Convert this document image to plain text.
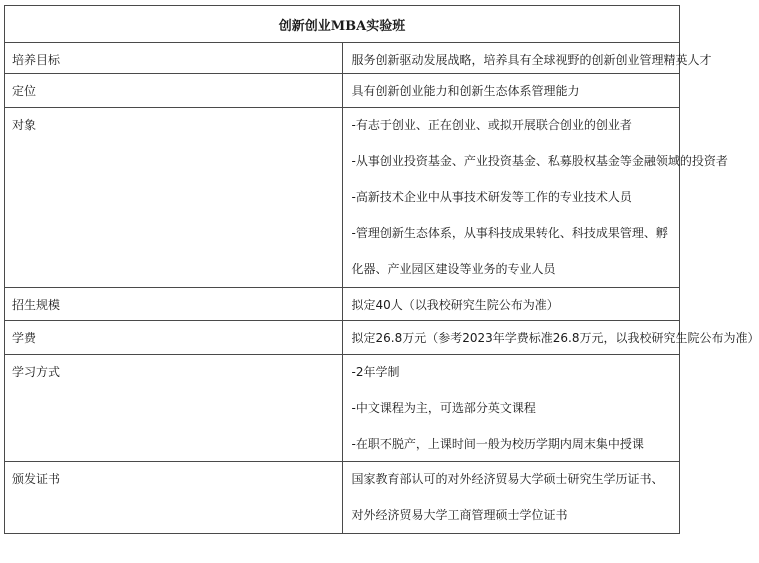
创新创业MBA实验班	
培养目标	服务创新驱动发展战略，培养具有全球视野的创新创业管理精英人才

定位	具有创新创业能力和创新生态体系管理能力

对象	-有志于创业、正在创业、或拟开展联合创业的创业者
-从事创业投资基金、产业投资基金、私募股权基金等金融领域的投资者
-高新技术企业中从事技术研发等工作的专业技术人员
-管理创新生态体系，从事科技成果转化、科技成果管理、孵化器、产业园区建设等业务的专业人员

招生规模	拟定40人（以我校研究生院公布为准）

学费	拟定26.8万元（参考2023年学费标准26.8万元，以我校研究生院公布为准）

学习方式	-2年学制
-中文课程为主，可选部分英文课程
-在职不脱产，上课时间一般为校历学期内周末集中授课

颁发证书	国家教育部认可的对外经济贸易大学硕士研究生学历证书、对外经济贸易大学工商管理硕士学位证书
